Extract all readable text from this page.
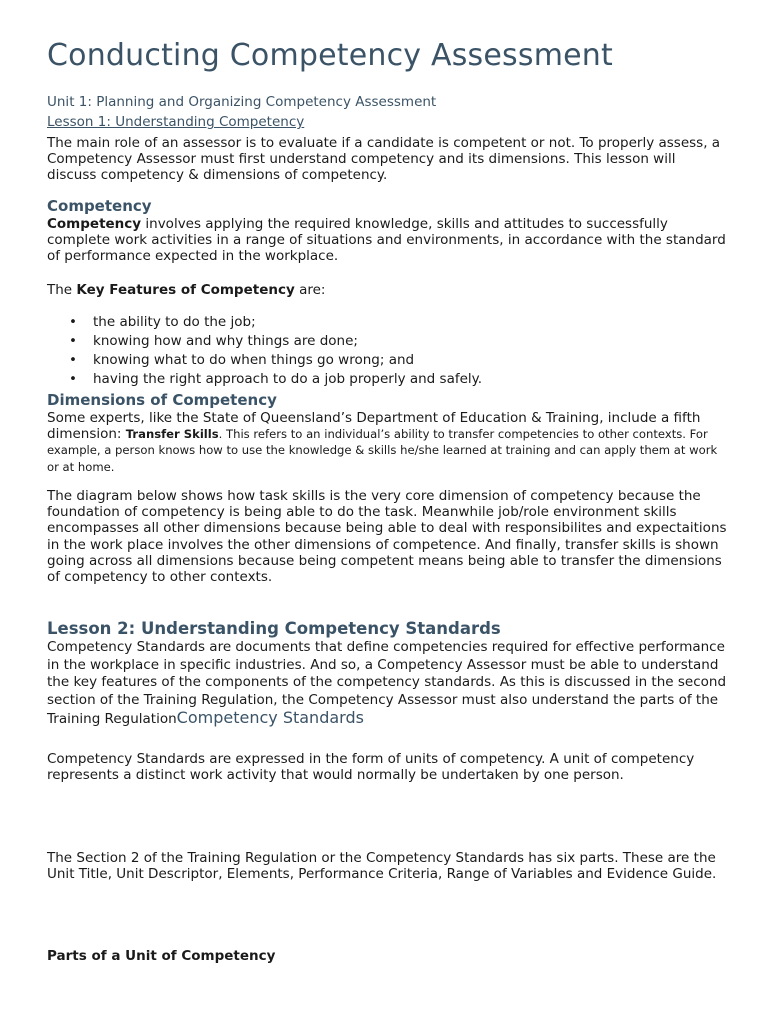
Conducting Competency Assessment
Unit 1: Planning and Organizing Competency Assessment
Lesson 1: Understanding Competency

The main role of an assessor is to evaluate if a candidate is competent or not. To properly assess, a Competency Assessor must first understand competency and its dimensions. This lesson will discuss competency & dimensions of competency.

Competency

Competency involves applying the required knowledge, skills and attitudes to successfully complete work activities in a range of situations and environments, in accordance with the standard of performance expected in the workplace.

The Key Features of Competency are:

• the ability to do the job;
• knowing how and why things are done;
• knowing what to do when things go wrong; and
• having the right approach to do a job properly and safely.
Dimensions of Competency

Some experts, like the State of Queensland’s Department of Education & Training, include a fifth dimension: Transfer Skills. This refers to an individual’s ability to transfer competencies to other contexts. For example, a person knows how to use the knowledge & skills he/she learned at training and can apply them at work or at home.

The diagram below shows how task skills is the very core dimension of competency because the foundation of competency is being able to do the task. Meanwhile job/role environment skills encompasses all other dimensions because being able to deal with responsibilites and expectaitions in the work place involves the other dimensions of competence. And finally, transfer skills is shown going across all dimensions because being competent means being able to transfer the dimensions of competency to other contexts.

Lesson 2: Understanding Competency Standards

Competency Standards are documents that define competencies required for effective performance in the workplace in specific industries. And so, a Competency Assessor must be able to understand the key features of the components of the competency standards. As this is discussed in the second section of the Training Regulation, the Competency Assessor must also understand the parts of the Training RegulationCompetency Standards

Competency Standards are expressed in the form of units of competency. A unit of competency represents a distinct work activity that would normally be undertaken by one person.

The Section 2 of the Training Regulation or the Competency Standards has six parts. These are the Unit Title, Unit Descriptor, Elements, Performance Criteria, Range of Variables and Evidence Guide.

Parts of a Unit of Competency
